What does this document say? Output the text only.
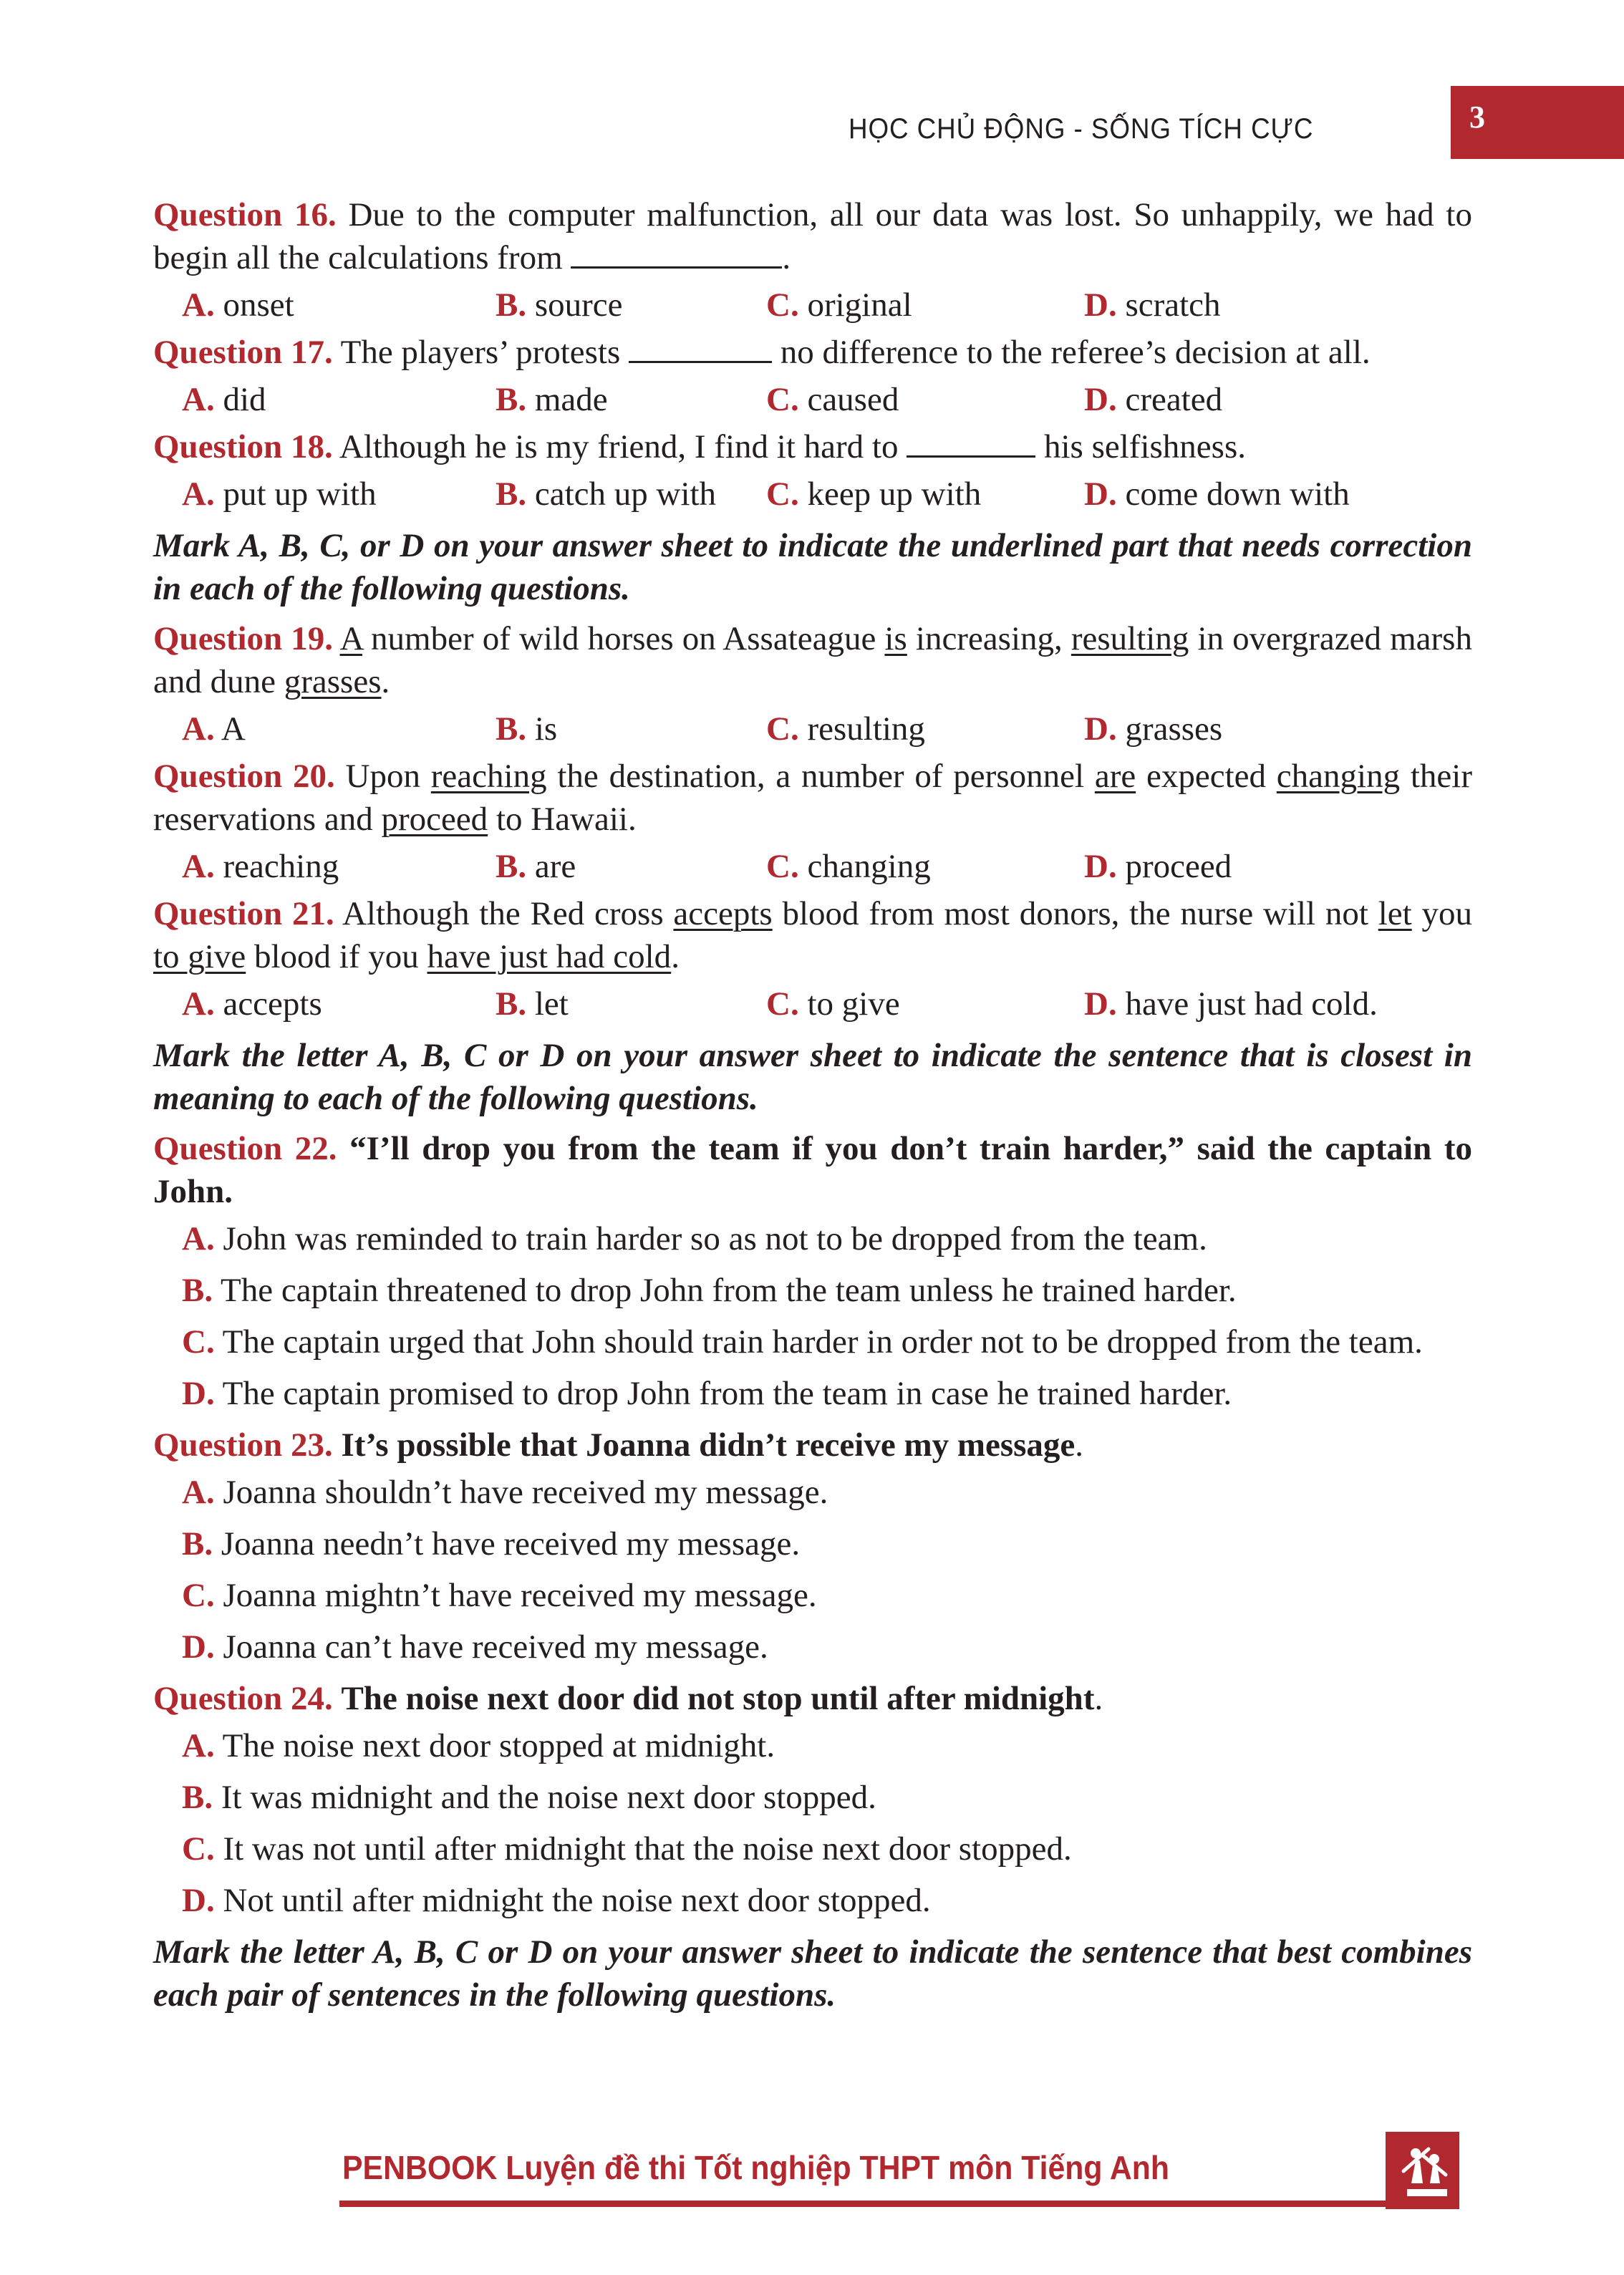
HỌC CHỦ ĐỘNG - SỐNG TÍCH CỰC	3
Question 16. Due to the computer malfunction, all our data was lost. So unhappily, we had to
begin all the calculations from	.
A. onset	B. source	C. original	D. scratch
Question 17. The players’ protests	no difference to the referee’s decision at all.
A. did	B. made	C. caused	D. created
Question 18. Although he is my friend, I find it hard to	his selfishness.
A. put up with	B. catch up with C. keep up with	D. come down with
Mark A, B, C, or D on your answer sheet to indicate the underlined part that needs correction in each of the following questions.
Question 19. A number of wild horses on Assateague is increasing, resulting in overgrazed marsh and dune grasses.
A. A	B. is	C. resulting	D. grasses
Question 20. Upon reaching the destination, a number of personnel are expected changing their reservations and proceed to Hawaii.
A. reaching	B. are	C. changing	D. proceed
Question 21. Although the Red cross accepts blood from most donors, the nurse will not let you to give blood if you have just had cold.
A. accepts	B. let	C. to give	D. have just had cold.
Mark the letter A, B, C or D on your answer sheet to indicate the sentence that is closest in meaning to each of the following questions.
Question 22. “I’ll drop you from the team if you don’t train harder,” said the captain to John.
A. John was reminded to train harder so as not to be dropped from the team.
B. The captain threatened to drop John from the team unless he trained harder.
C. The captain urged that John should train harder in order not to be dropped from the team.
D. The captain promised to drop John from the team in case he trained harder.
Question 23. It’s possible that Joanna didn’t receive my message.
A. Joanna shouldn’t have received my message.
B. Joanna needn’t have received my message.
C. Joanna mightn’t have received my message.
D. Joanna can’t have received my message.
Question 24. The noise next door did not stop until after midnight.
A. The noise next door stopped at midnight.
B. It was midnight and the noise next door stopped.
C. It was not until after midnight that the noise next door stopped.
D. Not until after midnight the noise next door stopped.
Mark the letter A, B, C or D on your answer sheet to indicate the sentence that best combines each pair of sentences in the following questions.
PENBOOK Luyện đề thi Tốt nghiệp THPT môn Tiếng Anh
